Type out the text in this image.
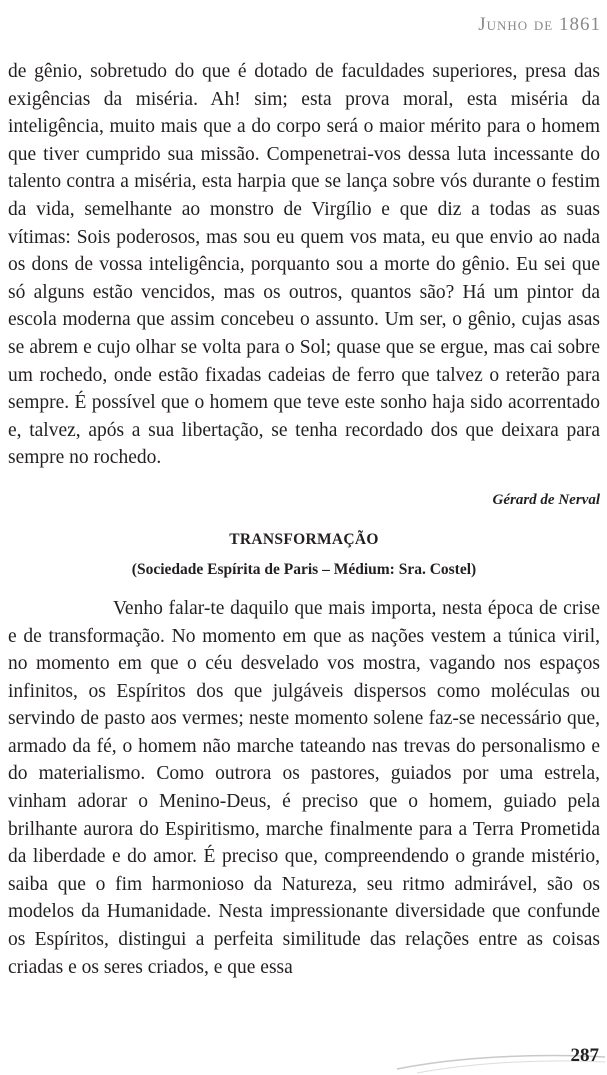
Junho de 1861

de gênio, sobretudo do que é dotado de faculdades superiores, presa das exigências da miséria. Ah! sim; esta prova moral, esta miséria da inteligência, muito mais que a do corpo será o maior mérito para o homem que tiver cumprido sua missão. Compenetrai-vos dessa luta incessante do talento contra a miséria, esta harpia que se lança sobre vós durante o festim da vida, semelhante ao monstro de Virgílio e que diz a todas as suas vítimas: Sois poderosos, mas sou eu quem vos mata, eu que envio ao nada os dons de vossa inteligência, porquanto sou a morte do gênio. Eu sei que só alguns estão vencidos, mas os outros, quantos são? Há um pintor da escola moderna que assim concebeu o assunto. Um ser, o gênio, cujas asas se abrem e cujo olhar se volta para o Sol; quase que se ergue, mas cai sobre um rochedo, onde estão fixadas cadeias de ferro que talvez o reterão para sempre. É possível que o homem que teve este sonho haja sido acorrentado e, talvez, após a sua libertação, se tenha recordado dos que deixara para sempre no rochedo.

Gérard de Nerval
TRANSFORMAÇÃO
(Sociedade Espírita de Paris – Médium: Sra. Costel)

Venho falar-te daquilo que mais importa, nesta época de crise e de transformação. No momento em que as nações vestem a túnica viril, no momento em que o céu desvelado vos mostra, vagando nos espaços infinitos, os Espíritos dos que julgáveis dispersos como moléculas ou servindo de pasto aos vermes; neste momento solene faz-se necessário que, armado da fé, o homem não marche tateando nas trevas do personalismo e do materialismo. Como outrora os pastores, guiados por uma estrela, vinham adorar o Menino-Deus, é preciso que o homem, guiado pela brilhante aurora do Espiritismo, marche finalmente para a Terra Prometida da liberdade e do amor. É preciso que, compreendendo o grande mistério, saiba que o fim harmonioso da Natureza, seu ritmo admirável, são os modelos da Humanidade. Nesta impressionante diversidade que confunde os Espíritos, distingui a perfeita similitude das relações entre as coisas criadas e os seres criados, e que essa

287
